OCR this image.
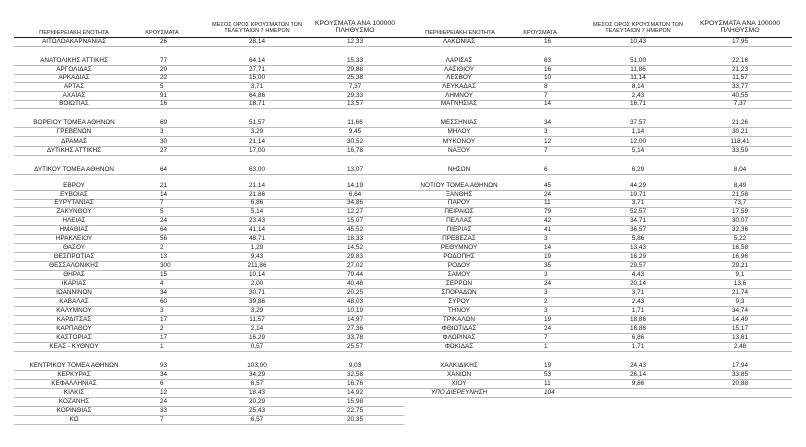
ΠΕΡΙΦΕΡΕΙΑΚΗ ΕΝΟΤΗΤΑ	ΚΡΟΥΣΜΑΤΑ
ΜΕΣΟΣ ΟΡΟΣ ΚΡΟΥΣΜΑΤΩΝ ΤΩΝ
ΤΕΛΕΥΤΑΙΩΝ 7 ΗΜΕΡΩΝ
ΚΡΟΥΣΜΑΤΑ ΑΝΑ 100000
ΠΛΗΘΥΣΜΟ	ΠΕΡΙΦΕΡΕΙΑΚΗ ΕΝΟΤΗΤΑ	ΚΡΟΥΣΜΑΤΑ
ΜΕΣΟΣ ΟΡΟΣ ΚΡΟΥΣΜΑΤΩΝ ΤΩΝ
ΤΕΛΕΥΤΑΙΩΝ 7 ΗΜΕΡΩΝ
ΚΡΟΥΣΜΑΤΑ ΑΝΑ 100000
ΠΛΗΘΥΣΜΟ
ΑΙΤΩΛΟΑΚΑΡΝΑΝΙΑΣ	26	28,14	12,33
ΑΝΑΤΟΛΙΚΗΣ ΑΤΤΙΚΗΣ	77	64,14	15,33
ΑΡΓΟΛΙΔΑΣ	29	27,71	29,88
ΑΡΚΑΔΙΑΣ	22	15,00	25,38
ΑΡΤΑΣ	5	3,71	7,37
ΑΧΑΪΑΣ	91	64,86	29,33
ΒΟΙΩΤΙΑΣ	16	18,71	13,57
ΒΟΡΕΙΟΥ ΤΟΜΕΑ ΑΘΗΝΩΝ	69	51,57	11,66
ΓΡΕΒΕΝΩΝ	3	3,29	9,45
ΔΡΑΜΑΣ	30	21,14	30,52
ΔΥΤΙΚΗΣ ΑΤΤΙΚΗΣ	27	17,00	16,78
ΔΥΤΙΚΟΥ ΤΟΜΕΑ ΑΘΗΝΩΝ	64	63,00	13,07
ΕΒΡΟΥ	21	21,14	14,19
ΕΥΒΟΙΑΣ	14	21,86	6,64
ΕΥΡΥΤΑΝΙΑΣ	7	6,86	34,86
ΖΑΚΥΝΘΟΥ	5	5,14	12,27
ΗΛΕΙΑΣ	24	23,43	15,07
ΗΜΑΘΙΑΣ	64	41,14	45,52
ΗΡΑΚΛΕΙΟΥ	56	48,71	18,33
ΘΑΣΟΥ	2	1,29	14,52
ΘΕΣΠΡΩΤΙΑΣ	13	9,43	29,83
ΘΕΣΣΑΛΟΝΙΚΗΣ	300	211,86	27,02
ΘΗΡΑΣ	15	10,14	79,44
ΙΚΑΡΙΑΣ	4	2,00	40,48
ΙΩΑΝΝΙΝΩΝ	34	30,71	20,25
ΚΑΒΑΛΑΣ	60	39,86	48,03
ΚΑΛΥΜΝΟΥ	3	3,29	10,19
ΚΑΡΔΙΤΣΑΣ	17	11,57	14,97
ΚΑΡΠΑΘΟΥ	2	2,14	27,36
ΚΑΣΤΟΡΙΑΣ	17	16,29	33,78
ΚΕΑΣ - ΚΥΘΝΟΥ	1	0,57	25,57
ΚΕΝΤΡΙΚΟΥ ΤΟΜΕΑ ΑΘΗΝΩΝ	93	103,00	9,03
ΚΕΡΚΥΡΑΣ	34	34,29	32,58
ΚΕΦΑΛΛΗΝΙΑΣ	6	6,57	16,76
ΚΙΛΚΙΣ	12	18,43	14,92
ΚΟΖΑΝΗΣ	24	20,29	15,98
ΚΟΡΙΝΘΙΑΣ	33	25,43	22,75
ΚΩ	7	6,57	20,35
ΛΑΚΩΝΙΑΣ	16	10,43	17,95
ΛΑΡΙΣΑΣ	63	51,00	22,16
ΛΑΣΙΘΙΟΥ	16	11,86	21,23
ΛΕΣΒΟΥ	10	11,14	11,57
ΛΕΥΚΑΔΑΣ	8	8,14	33,77
ΛΗΜΝΟΥ	7	2,43	40,55
ΜΑΓΝΗΣΙΑΣ	14	16,71	7,37
ΜΕΣΣΗΝΙΑΣ	34	37,57	21,26
ΜΗΛΟΥ	3	1,14	30,21
ΜΥΚΟΝΟΥ	12	12,00	118,41
ΝΑΞΟΥ	7	5,14	33,59
ΝΗΣΩΝ	6	6,29	8,04
ΝΟΤΙΟΥ ΤΟΜΕΑ ΑΘΗΝΩΝ	45	44,29	8,49
ΞΑΝΘΗΣ	24	19,71	21,58
ΠΑΡΟΥ	11	3,71	73,7
ΠΕΙΡΑΙΩΣ	79	52,57	17,59
ΠΕΛΛΑΣ	42	34,71	30,07
ΠΙΕΡΙΑΣ	41	36,57	32,36
ΠΡΕΒΕΖΑΣ	3	5,86	5,22
ΡΕΘΥΜΝΟΥ	14	13,43	16,58
ΡΟΔΟΠΗΣ	19	16,29	16,96
ΡΟΔΟΥ	35	29,57	29,21
ΣΑΜΟΥ	3	4,43	9,1
ΣΕΡΡΩΝ	24	20,14	13,6
ΣΠΟΡΑΔΩΝ	3	3,71	21,74
ΣΥΡΟΥ	2	2,43	9,3
ΤΗΝΟΥ	3	1,71	34,74
ΤΡΙΚΑΛΩΝ	19	18,86	14,49
ΦΘΙΩΤΙΔΑΣ	24	16,86	15,17
ΦΛΩΡΙΝΑΣ	7	6,86	13,61
ΦΩΚΙΔΑΣ	1	1,71	2,48
ΧΑΛΚΙΔΙΚΗΣ	19	24,43	17,94
ΧΑΝΙΩΝ	53	26,14	33,85
ΧΙΟΥ	11	9,86	20,88
ΥΠΟ ΔΙΕΡΕΥΝΗΣΗ	104
